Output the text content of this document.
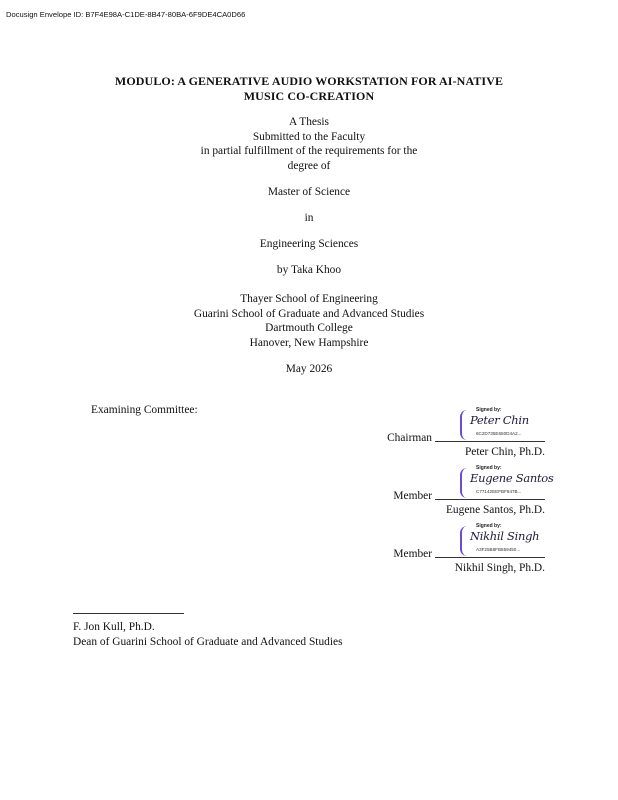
Docusign Envelope ID: B7F4E98A-C1DE-8B47-80BA-6F9DE4CA0D66
MODULO: A GENERATIVE AUDIO WORKSTATION FOR AI-NATIVE
MUSIC CO-CREATION
A Thesis
Submitted to the Faculty
in partial fulfillment of the requirements for the
degree of
Master of Science
in
Engineering Sciences
by Taka Khoo
Thayer School of Engineering
Guarini School of Graduate and Advanced Studies
Dartmouth College
Hanover, New Hampshire
May 2026
Examining Committee:	Signed by:
Peter Chin
6C2D735E650D4A2...
Chairman
Peter Chin, Ph.D.
Signed by:
Eugene Santos
C77142EEFBF847B...
Member
Eugene Santos, Ph.D.
Signed by:
Nikhil Singh
A3F25B8FB859450...
Member
Nikhil Singh, Ph.D.
F. Jon Kull, Ph.D.
Dean of Guarini School of Graduate and Advanced Studies
